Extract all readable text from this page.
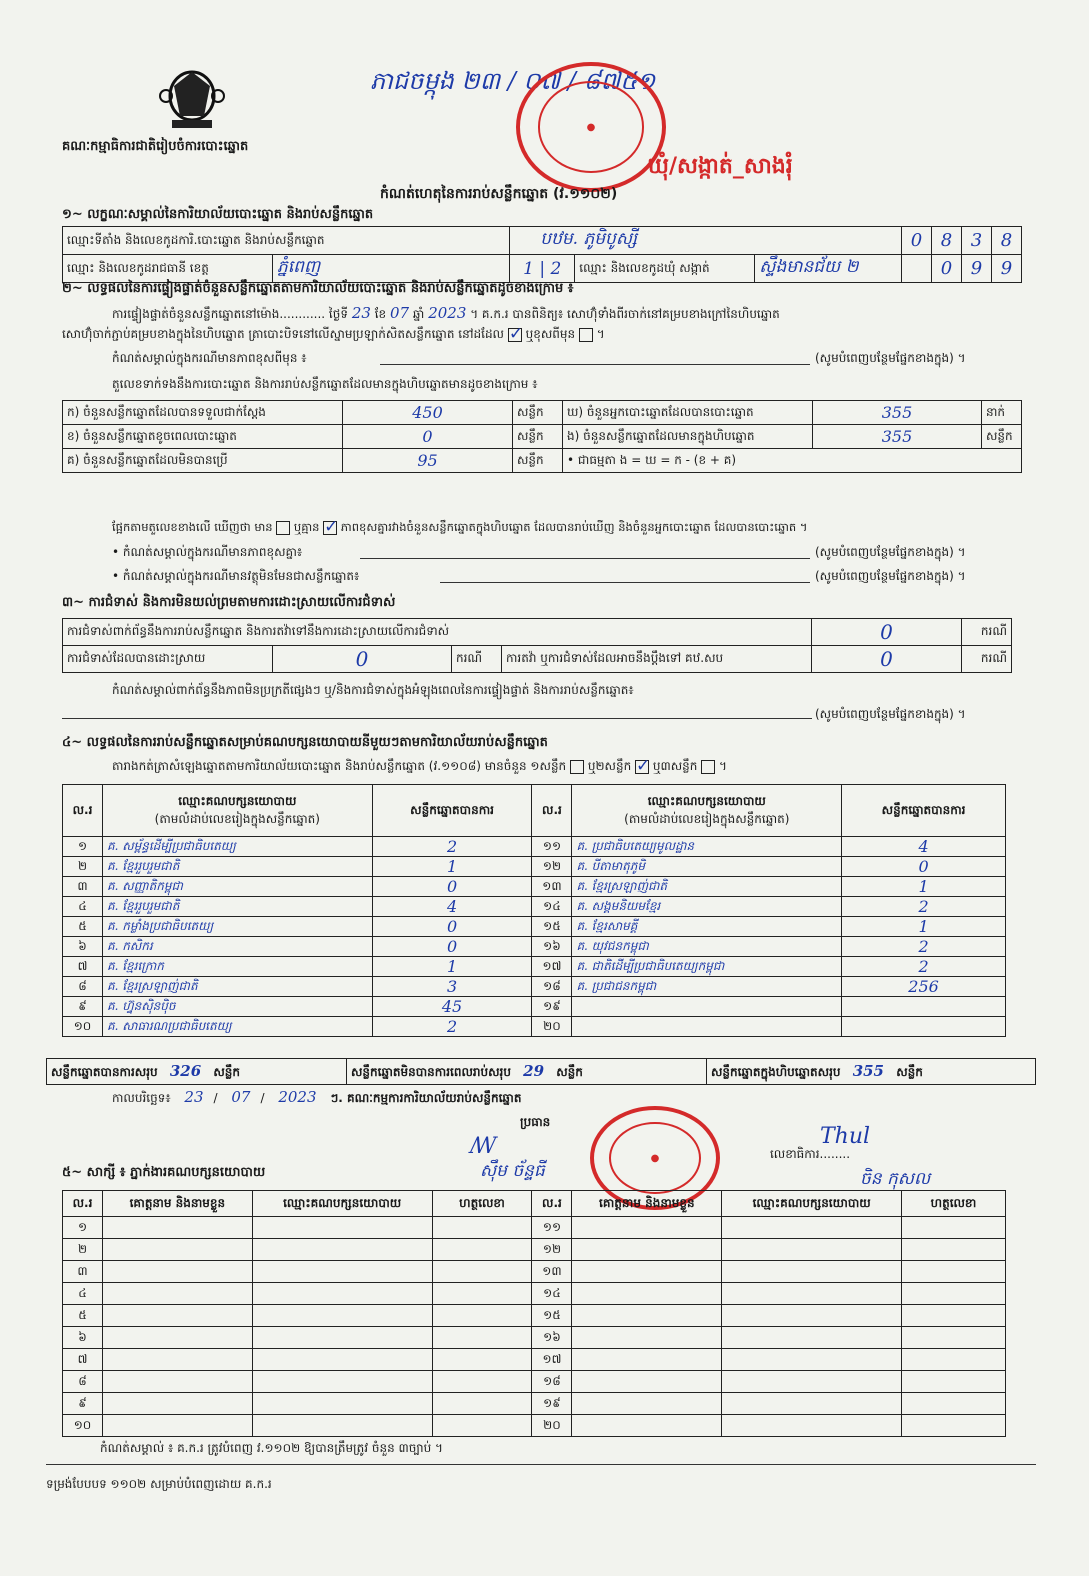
គណៈកម្មាធិការជាតិរៀបចំការបោះឆ្នោត
ភាជចម្កុង ២៣ / ០៧ / ៨៧៥១
●
ឃុំ/សង្កាត់_សាងរុំ
កំណត់ហេតុនៃការរាប់សន្លឹកឆ្នោត (វ.១១០២)
១~ លក្ខណៈសម្គាល់នៃការិយាល័យបោះឆ្នោត និងរាប់សន្លឹកឆ្នោត
ឈ្មោះទីតាំង និងលេខកូដការិ.បោះឆ្នោត និងរាប់សន្លឹកឆ្នោត		បឋម. ភូមិបូស្សី			0	8	3	8
ឈ្មោះ និងលេខកូដរាជធានី ខេត្ត	ភ្នំពេញ	1 | 2	ឈ្មោះ និងលេខកូដឃុំ សង្កាត់	ស្ទឹងមានជ័យ ២		0	9	9
២~ លទ្ធផលនៃការផ្ទៀងផ្ទាត់ចំនួនសន្លឹកឆ្នោតតាមការិយាល័យបោះឆ្នោត និងរាប់សន្លឹកឆ្នោតដូចខាងក្រោម ៖
ការផ្ទៀងផ្ទាត់ចំនួនសន្លឹកឆ្នោតនៅម៉ោង............ ថ្ងៃទី 23 ខែ 07 ឆ្នាំ 2023 ។ គ.ក.រ បានពិនិត្យ៖ សោហ៊ុំទាំងពីរចាក់នៅគម្របខាងក្រៅនៃហិបឆ្នោត
សោហ៊ុំចាក់ភ្ជាប់គម្របខាងក្នុងនៃហិបឆ្នោត ត្រាបោះបិទនៅលើស្នាមប្រឡាក់សិតសន្លឹកឆ្នោត នៅដដែល ✓ ឬខុសពីមុន  ។
កំណត់សម្គាល់ក្នុងករណីមានភាពខុសពីមុន ៖	(សូមបំពេញបន្ថែមផ្នែកខាងក្នុង) ។
តួលេខទាក់ទងនឹងការបោះឆ្នោត និងការរាប់សន្លឹកឆ្នោតដែលមានក្នុងហិបឆ្នោតមានដូចខាងក្រោម ៖
ក) ចំនួនសន្លឹកឆ្នោតដែលបានទទួលជាក់ស្តែង	450	សន្លឹក	ឃ) ចំនួនអ្នកបោះឆ្នោតដែលបានបោះឆ្នោត	355	នាក់
ខ) ចំនួនសន្លឹកឆ្នោតខូចពេលបោះឆ្នោត	0	សន្លឹក	ង) ចំនួនសន្លឹកឆ្នោតដែលមានក្នុងហិបឆ្នោត	355	សន្លឹក
គ) ចំនួនសន្លឹកឆ្នោតដែលមិនបានប្រើ	95	សន្លឹក	• ជាធម្មតា ង = ឃ = ក - (ខ + គ)		
ផ្អែកតាមតួលេខខាងលើ ឃើញថា មាន ឬគ្មាន ✓ ភាពខុសគ្នារវាងចំនួនសន្លឹកឆ្នោតក្នុងហិបឆ្នោត ដែលបានរាប់ឃើញ និងចំនួនអ្នកបោះឆ្នោត ដែលបានបោះឆ្នោត ។
• កំណត់សម្គាល់ក្នុងករណីមានភាពខុសគ្នា៖	(សូមបំពេញបន្ថែមផ្នែកខាងក្នុង) ។
• កំណត់សម្គាល់ក្នុងករណីមានវត្ថុមិនមែនជាសន្លឹកឆ្នោត៖	(សូមបំពេញបន្ថែមផ្នែកខាងក្នុង) ។
៣~ ការជំទាស់ និងការមិនយល់ព្រមតាមការដោះស្រាយលើការជំទាស់
ការជំទាស់ពាក់ព័ន្ធនឹងការរាប់សន្លឹកឆ្នោត និងការតវ៉ាទៅនឹងការដោះស្រាយលើការជំទាស់				0	ករណី
ការជំទាស់ដែលបានដោះស្រាយ	0	ករណី	ការតវ៉ា ឬការជំទាស់ដែលអាចនឹងប្តឹងទៅ គឋ.សប	0	ករណី
កំណត់សម្គាល់ពាក់ព័ន្ធនឹងភាពមិនប្រក្រតីផ្សេងៗ ឬ/និងការជំទាស់ក្នុងអំឡុងពេលនៃការផ្ទៀងផ្ទាត់ និងការរាប់សន្លឹកឆ្នោត៖
(សូមបំពេញបន្ថែមផ្នែកខាងក្នុង) ។
៤~ លទ្ធផលនៃការរាប់សន្លឹកឆ្នោតសម្រាប់គណបក្សនយោបាយនីមួយៗតាមការិយាល័យរាប់សន្លឹកឆ្នោត
តារាងកត់ត្រាសំឡេងឆ្នោតតាមការិយាល័យបោះឆ្នោត និងរាប់សន្លឹកឆ្នោត (វ.១១០៨) មានចំនួន ១សន្លឹក ឬ២សន្លឹក ✓ ឬ៣សន្លឹក  ។
ល.រ	ឈ្មោះគណបក្សនយោបាយ
(តាមលំដាប់លេខរៀងក្នុងសន្លឹកឆ្នោត)	សន្លឹកឆ្នោតបានការ	ល.រ	ឈ្មោះគណបក្សនយោបាយ
(តាមលំដាប់លេខរៀងក្នុងសន្លឹកឆ្នោត)	សន្លឹកឆ្នោតបានការ
១	គ. សម្ព័ន្ធដើម្បីប្រជាធិបតេយ្យ	2	១១	គ. ប្រជាធិបតេយ្យមូលដ្ឋាន	4
២	គ. ខ្មែររួបរួមជាតិ	1	១២	គ. បីតាមាតុភូមិ	0
៣	គ. សញ្ញាតិកម្ពុជា	0	១៣	គ. ខ្មែរស្រឡាញ់ជាតិ	1
៤	គ. ខ្មែររួបរួមជាតិ	4	១៤	គ. សង្គមនិយមខ្មែរ	2
៥	គ. កម្លាំងប្រជាធិបតេយ្យ	0	១៥	គ. ខ្មែរសាមគ្គី	1
៦	គ. កសិករ	0	១៦	គ. យុវជនកម្ពុជា	2
៧	គ. ខ្មែរក្រោក	1	១៧	គ. ជាតិដើម្បីប្រជាធិបតេយ្យកម្ពុជា	2
៨	គ. ខ្មែរស្រឡាញ់ជាតិ	3	១៨	គ. ប្រជាជនកម្ពុជា	256
៩	គ. ហ្វ៊ុនស៊ិនប៉ិច	45	១៩		
១០	គ. សាធារណប្រជាធិបតេយ្យ	2	២០		
សន្លឹកឆ្នោតបានការសរុប 326 សន្លឹក	សន្លឹកឆ្នោតមិនបានការពេលរាប់សរុប 29 សន្លឹក	សន្លឹកឆ្នោតក្នុងហិបឆ្នោតសរុប 355 សន្លឹក
កាលបរិច្ឆេទ៖ 23 / 07 / 2023 ៗ. គណៈកម្មការការិយាល័យរាប់សន្លឹកឆ្នោត
ប្រធាន
ꟿ
ស៊ឹម ច័ន្ទធី
●	លេខាធិការ........
Thul
ចិន កុសល
៥~ សាក្សី ៖ ភ្នាក់ងារគណបក្សនយោបាយ
ល.រ	គោត្តនាម និងនាមខ្លួន	ឈ្មោះគណបក្សនយោបាយ	ហត្ថលេខា	ល.រ	គោត្តនាម និងនាមខ្លួន	ឈ្មោះគណបក្សនយោបាយ	ហត្ថលេខា
១				១១			
២				១២			
៣				១៣			
៤				១៤			
៥				១៥			
៦				១៦			
៧				១៧			
៨				១៨			
៩				១៩			
១០				២០			
កំណត់សម្គាល់ ៖ គ.ក.រ ត្រូវបំពេញ វ.១១០២ ឱ្យបានត្រឹមត្រូវ ចំនួន ៣ច្បាប់ ។
ទម្រង់បែបបទ ១១០២ សម្រាប់បំពេញដោយ គ.ក.រ
